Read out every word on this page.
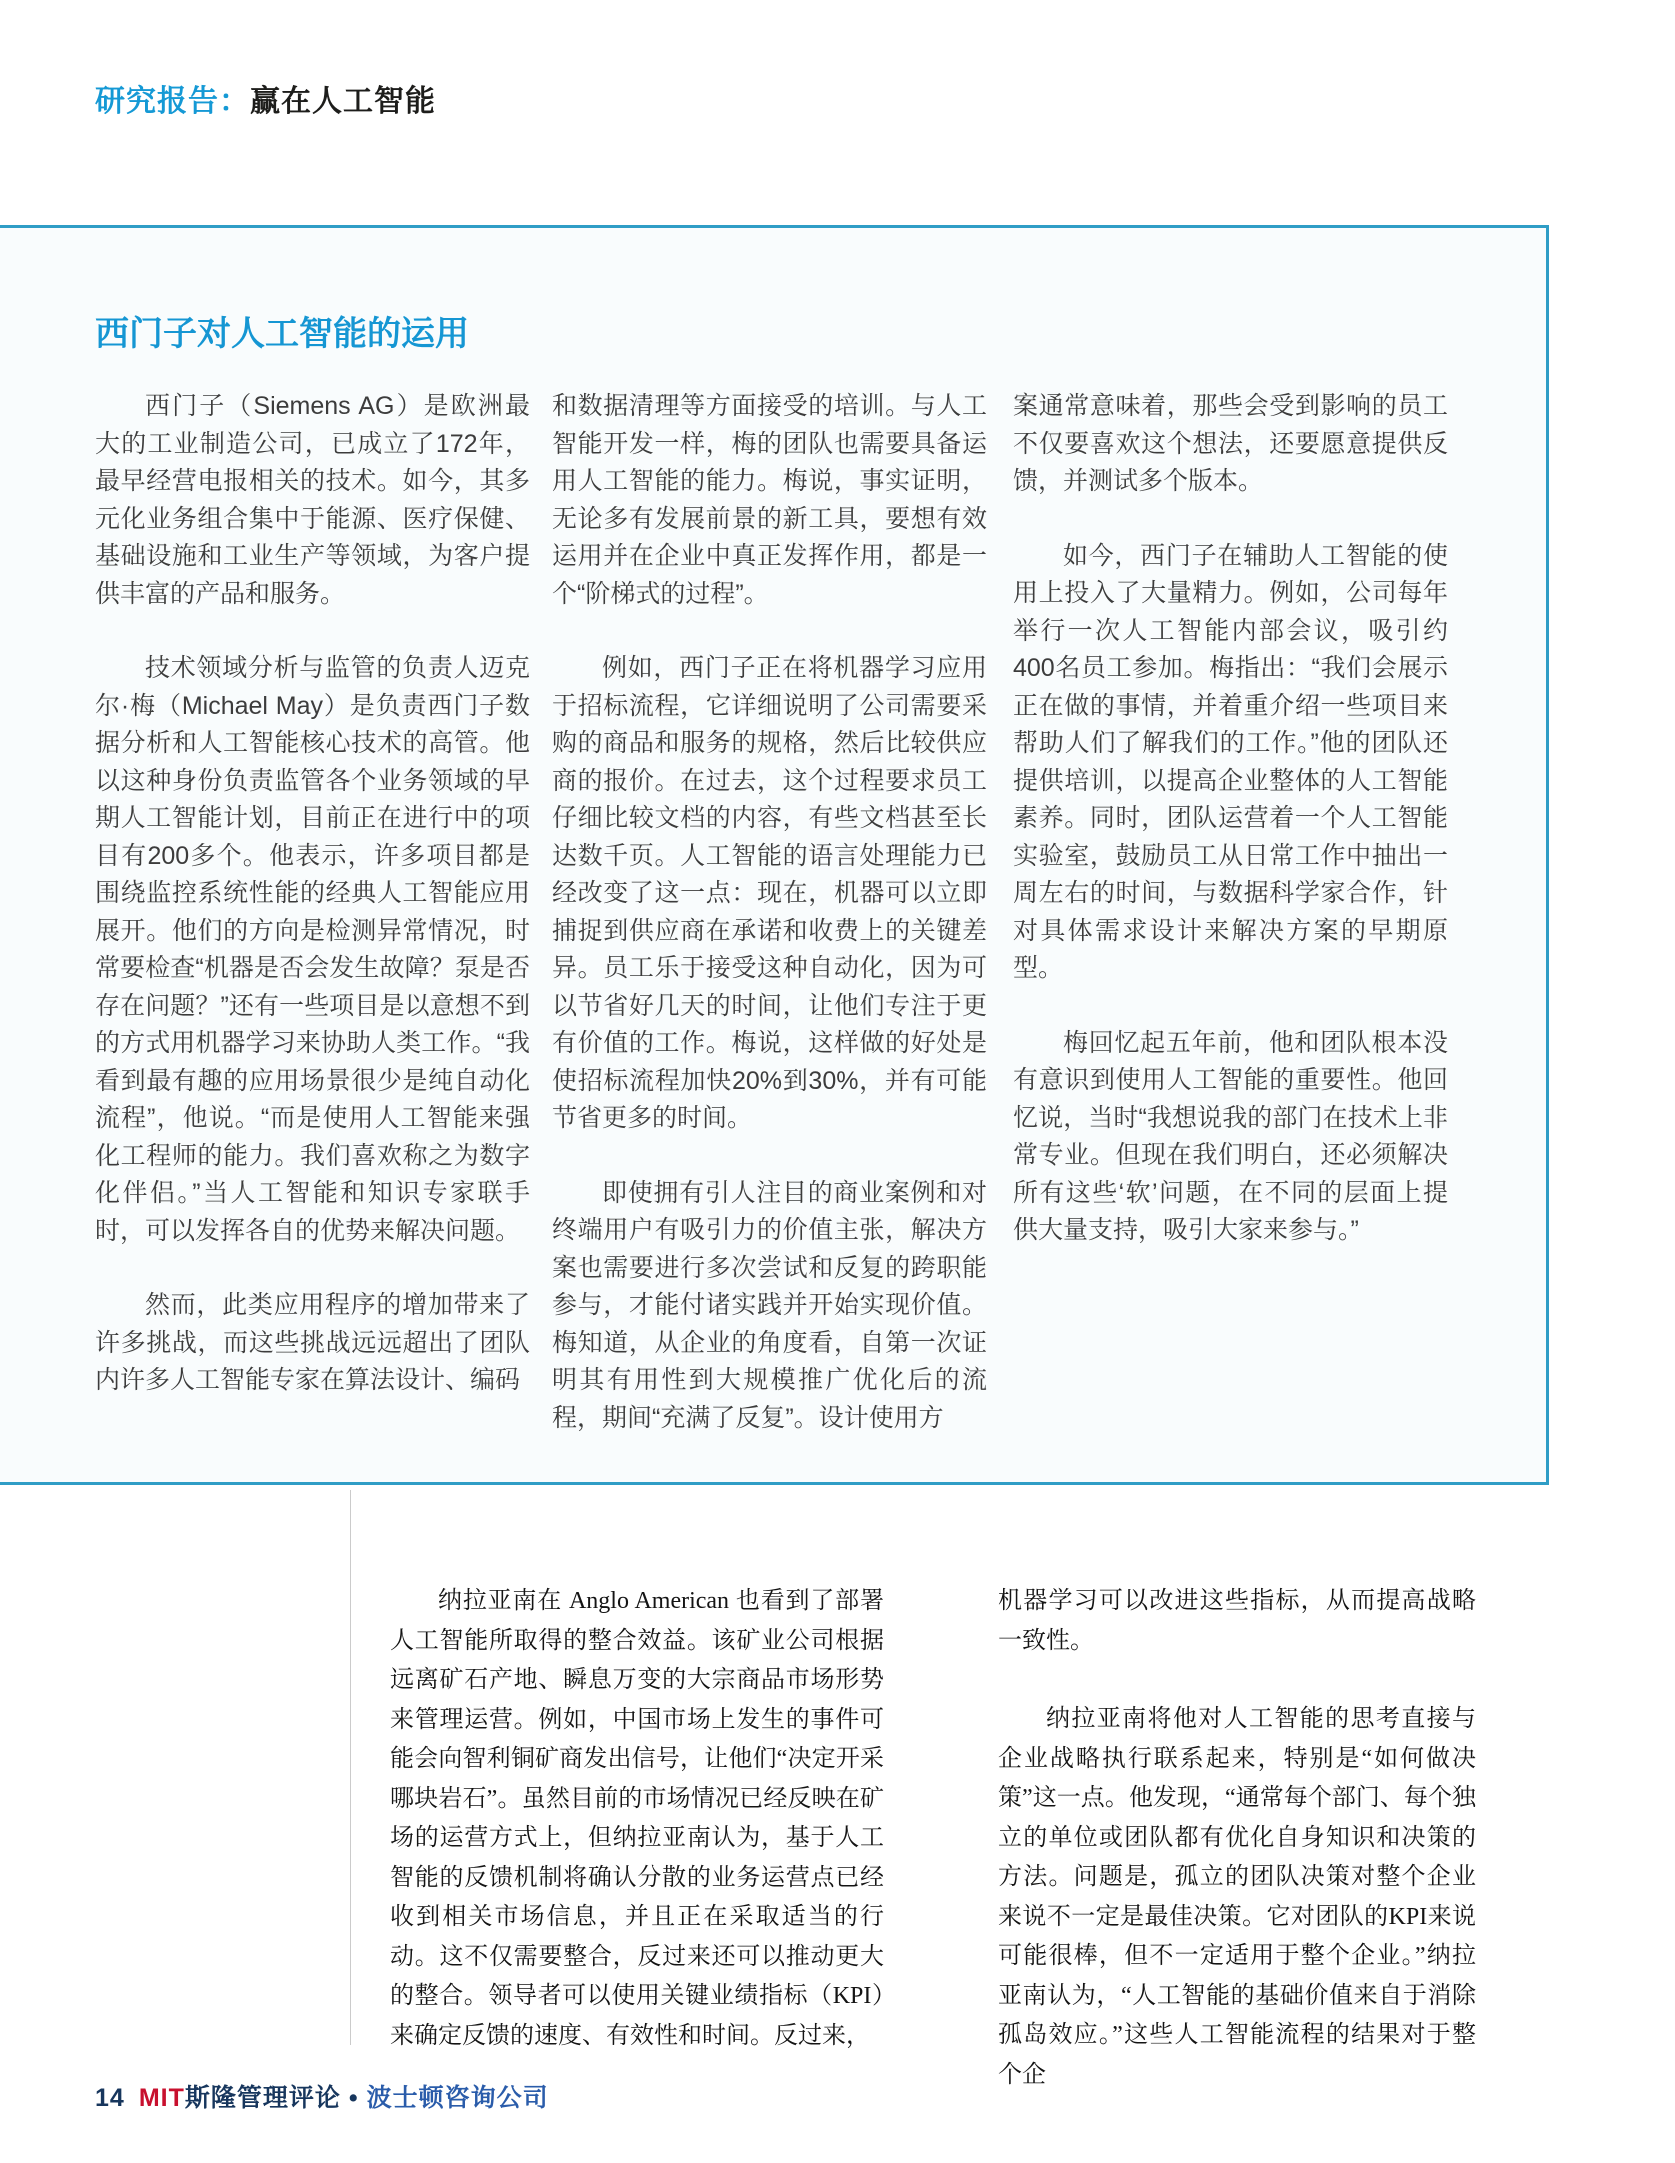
研究报告：赢在人工智能
西门子对人工智能的运用

西门子（Siemens AG）是欧洲最大的工业制造公司，已成立了172年，最早经营电报相关的技术。如今，其多元化业务组合集中于能源、医疗保健、基础设施和工业生产等领域，为客户提供丰富的产品和服务。

技术领域分析与监管的负责人迈克尔·梅（Michael May）是负责西门子数据分析和人工智能核心技术的高管。他以这种身份负责监管各个业务领域的早期人工智能计划，目前正在进行中的项目有200多个。他表示，许多项目都是围绕监控系统性能的经典人工智能应用展开。他们的方向是检测异常情况，时常要检查“机器是否会发生故障？泵是否存在问题？”还有一些项目是以意想不到的方式用机器学习来协助人类工作。“我看到最有趣的应用场景很少是纯自动化流程”，他说。“而是使用人工智能来强化工程师的能力。我们喜欢称之为数字化伴侣。”当人工智能和知识专家联手时，可以发挥各自的优势来解决问题。

然而，此类应用程序的增加带来了许多挑战，而这些挑战远远超出了团队内许多人工智能专家在算法设计、编码

和数据清理等方面接受的培训。与人工智能开发一样，梅的团队也需要具备运用人工智能的能力。梅说，事实证明，无论多有发展前景的新工具，要想有效运用并在企业中真正发挥作用，都是一个“阶梯式的过程”。

例如，西门子正在将机器学习应用于招标流程，它详细说明了公司需要采购的商品和服务的规格，然后比较供应商的报价。在过去，这个过程要求员工仔细比较文档的内容，有些文档甚至长达数千页。人工智能的语言处理能力已经改变了这一点：现在，机器可以立即捕捉到供应商在承诺和收费上的关键差异。员工乐于接受这种自动化，因为可以节省好几天的时间，让他们专注于更有价值的工作。梅说，这样做的好处是使招标流程加快20%到30%，并有可能节省更多的时间。

即使拥有引人注目的商业案例和对终端用户有吸引力的价值主张，解决方案也需要进行多次尝试和反复的跨职能参与，才能付诸实践并开始实现价值。梅知道，从企业的角度看，自第一次证明其有用性到大规模推广优化后的流程，期间“充满了反复”。设计使用方

案通常意味着，那些会受到影响的员工不仅要喜欢这个想法，还要愿意提供反馈，并测试多个版本。

如今，西门子在辅助人工智能的使用上投入了大量精力。例如，公司每年举行一次人工智能内部会议，吸引约400名员工参加。梅指出：“我们会展示正在做的事情，并着重介绍一些项目来帮助人们了解我们的工作。”他的团队还提供培训，以提高企业整体的人工智能素养。同时，团队运营着一个人工智能实验室，鼓励员工从日常工作中抽出一周左右的时间，与数据科学家合作，针对具体需求设计来解决方案的早期原型。

梅回忆起五年前，他和团队根本没有意识到使用人工智能的重要性。他回忆说，当时“我想说我的部门在技术上非常专业。但现在我们明白，还必须解决所有这些‘软’问题，在不同的层面上提供大量支持，吸引大家来参与。”

纳拉亚南在 Anglo American 也看到了部署人工智能所取得的整合效益。该矿业公司根据远离矿石产地、瞬息万变的大宗商品市场形势来管理运营。例如，中国市场上发生的事件可能会向智利铜矿商发出信号，让他们“决定开采哪块岩石”。虽然目前的市场情况已经反映在矿场的运营方式上，但纳拉亚南认为，基于人工智能的反馈机制将确认分散的业务运营点已经收到相关市场信息，并且正在采取适当的行动。这不仅需要整合，反过来还可以推动更大的整合。领导者可以使用关键业绩指标（KPI）来确定反馈的速度、有效性和时间。反过来，

机器学习可以改进这些指标，从而提高战略一致性。

纳拉亚南将他对人工智能的思考直接与企业战略执行联系起来，特别是“如何做决策”这一点。他发现，“通常每个部门、每个独立的单位或团队都有优化自身知识和决策的方法。问题是，孤立的团队决策对整个企业来说不一定是最佳决策。它对团队的KPI来说可能很棒，但不一定适用于整个企业。”纳拉亚南认为，“人工智能的基础价值来自于消除孤岛效应。”这些人工智能流程的结果对于整个企

14 MIT斯隆管理评论 • 波士顿咨询公司
